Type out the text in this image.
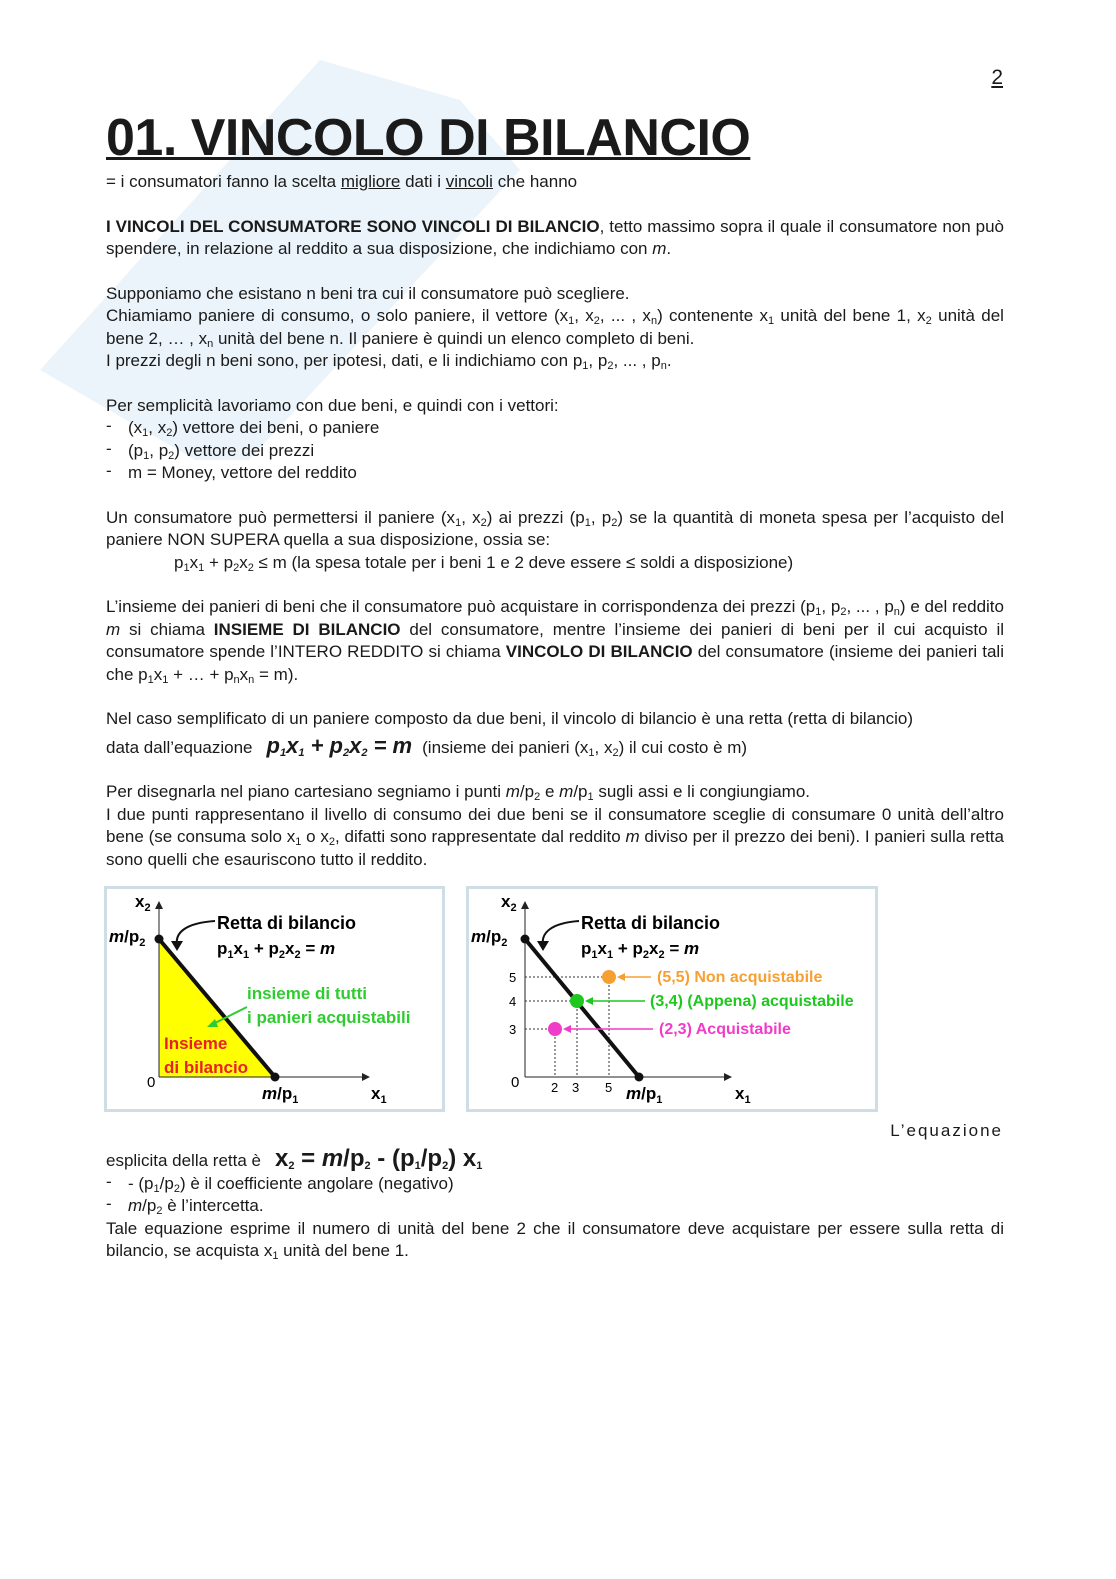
2
01. VINCOLO DI BILANCIO

= i consumatori fanno la scelta migliore dati i vincoli che hanno

I VINCOLI DEL CONSUMATORE SONO VINCOLI DI BILANCIO, tetto massimo sopra il quale il consumatore non può spendere, in relazione al reddito a sua disposizione, che indichiamo con m.

Supponiamo che esistano n beni tra cui il consumatore può scegliere.

Chiamiamo paniere di consumo, o solo paniere, il vettore ($x_1$, $x_2$, ... , $x_n$) contenente $x_1$ unità del bene 1, $x_2$ unità del bene 2, … , $x_n$ unità del bene n. Il paniere è quindi un elenco completo di beni.

I prezzi degli n beni sono, per ipotesi, dati, e li indichiamo con $p_1$, $p_2$, ... , $p_n$.

Per semplicità lavoriamo con due beni, e quindi con i vettori:

- ($x_1$, $x_2$) vettore dei beni, o paniere
- ($p_1$, $p_2$) vettore dei prezzi
- m = Money, vettore del reddito

Un consumatore può permettersi il paniere ($x_1$, $x_2$) ai prezzi ($p_1$, $p_2$) se la quantità di moneta spesa per l’acquisto del paniere NON SUPERA quella a sua disposizione, ossia se:

$p_1x_1 + p_2x_2 \le m$ (la spesa totale per i beni 1 e 2 deve essere ≤ soldi a disposizione)

L’insieme dei panieri di beni che il consumatore può acquistare in corrispondenza dei prezzi ($p_1$, $p_2$, ... , $p_n$) e del reddito m si chiama INSIEME DI BILANCIO del consumatore, mentre l’insieme dei panieri di beni per il cui acquisto il consumatore spende l’INTERO REDDITO si chiama VINCOLO DI BILANCIO del consumatore (insieme dei panieri tali che $p_1x_1$ + … + $p_nx_n = m$).

Nel caso semplificato di un paniere composto da due beni, il vincolo di bilancio è una retta (retta di bilancio)

data dall’equazione $p_1x_1 + p_2x_2 = m$ (insieme dei panieri ($x_1$, $x_2$) il cui costo è m)

Per disegnarla nel piano cartesiano segniamo i punti $m/p_2$ e $m/p_1$ sugli assi e li congiungiamo.

I due punti rappresentano il livello di consumo dei due beni se il consumatore sceglie di consumare 0 unità dell’altro bene (se consuma solo $x_1$ o $x_2$, difatti sono rappresentate dal reddito m diviso per il prezzo dei beni). I panieri sulla retta sono quelli che esauriscono tutto il reddito.

$x_2$
$m/p_2$
0
$m/p_1$	$x_1$
Retta di bilancio
$p_1x_1 + p_2x_2 = m$
insieme di tutti
i panieri acquistabili
Insieme
di bilancio
$x_2$
$m/p_2$
5
4
3
2 3 5
0
$m/p_1$	$x_1$
Retta di bilancio
$p_1x_1 + p_2x_2 = m$
(5,5) Non acquistabile
(3,4) (Appena) acquistabile
(2,3) Acquistabile
L’equazione

esplicita della retta è $x_2 = m/p_2 - (p_1/p_2)$ $x_1$

- - $(p_1/p_2)$ è il coefficiente angolare (negativo)
- $m/p_2$ è l’intercetta.

Tale equazione esprime il numero di unità del bene 2 che il consumatore deve acquistare per essere sulla retta di bilancio, se acquista $x_1$ unità del bene 1.
